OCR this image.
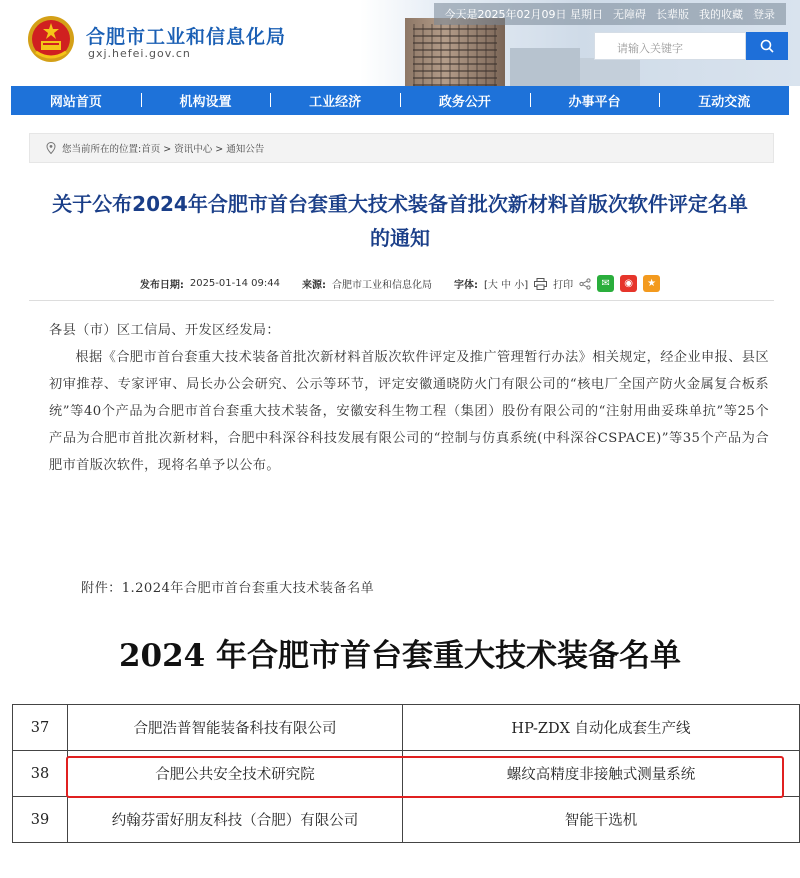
合肥市工业和信息化局
gxj.hefei.gov.cn
今天是2025年02月09日 星期日 无障碍 长辈版 我的收藏 登录
请输入关键字
网站首页	机构设置	工业经济	政务公开	办事平台	互动交流
您当前所在的位置: 首页 > 资讯中心 > 通知公告
关于公布2024年合肥市首台套重大技术装备首批次新材料首版次软件评定名单的通知
发布日期: 2025-01-14 09:44 来源: 合肥市工业和信息化局 字体: [大 中 小]	打印	✉	◉	★

各县（市）区工信局、开发区经发局：

根据《合肥市首台套重大技术装备首批次新材料首版次软件评定及推广管理暂行办法》相关规定，经企业申报、县区初审推荐、专家评审、局长办公会研究、公示等环节，评定安徽通晓防火门有限公司的“核电厂全国产防火金属复合板系统”等40个产品为合肥市首台套重大技术装备，安徽安科生物工程（集团）股份有限公司的“注射用曲妥珠单抗”等25个产品为合肥市首批次新材料，合肥中科深谷科技发展有限公司的“控制与仿真系统(中科深谷CSPACE)”等35个产品为合肥市首版次软件，现将名单予以公布。

附件：1.2024年合肥市首台套重大技术装备名单
2024 年合肥市首台套重大技术装备名单
37	合肥浩普智能装备科技有限公司	HP-ZDX 自动化成套生产线
38	合肥公共安全技术研究院	螺纹高精度非接触式测量系统
39	约翰芬雷好朋友科技（合肥）有限公司	智能干选机
